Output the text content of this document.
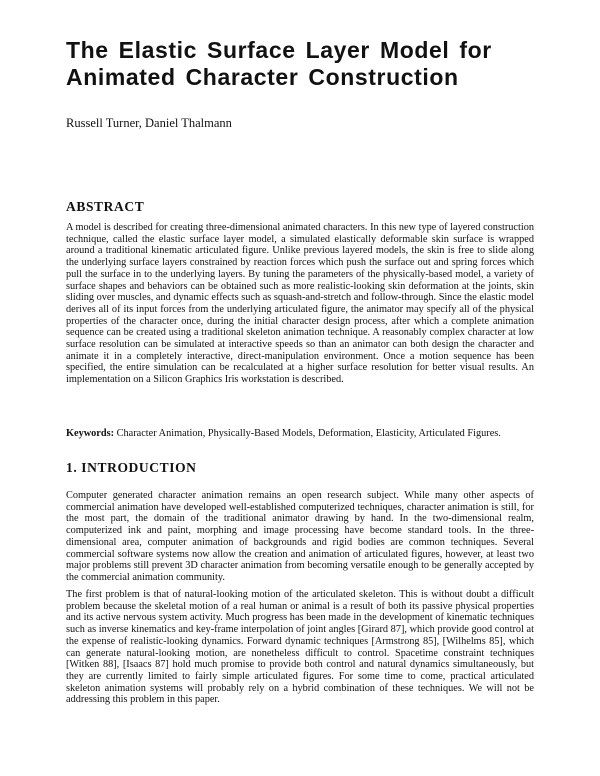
The Elastic Surface Layer Model for Animated Character Construction
Russell Turner, Daniel Thalmann
ABSTRACT

A model is described for creating three-dimensional animated characters. In this new type of layered construction technique, called the elastic surface layer model, a simulated elastically deformable skin surface is wrapped around a traditional kinematic articulated figure. Unlike previous layered models, the skin is free to slide along the underlying surface layers constrained by reaction forces which push the surface out and spring forces which pull the surface in to the underlying layers. By tuning the parameters of the physically-based model, a variety of surface shapes and behaviors can be obtained such as more realistic-looking skin deformation at the joints, skin sliding over muscles, and dynamic effects such as squash-and-stretch and follow-through. Since the elastic model derives all of its input forces from the underlying articulated figure, the animator may specify all of the physical properties of the character once, during the initial character design process, after which a complete animation sequence can be created using a traditional skeleton animation technique. A reasonably complex character at low surface resolution can be simulated at interactive speeds so than an animator can both design the character and animate it in a completely interactive, direct-manipulation environment. Once a motion sequence has been specified, the entire simulation can be recalculated at a higher surface resolution for better visual results. An implementation on a Silicon Graphics Iris workstation is described.

Keywords: Character Animation, Physically-Based Models, Deformation, Elasticity, Articulated Figures.

1. INTRODUCTION

Computer generated character animation remains an open research subject. While many other aspects of commercial animation have developed well-established computerized techniques, character animation is still, for the most part, the domain of the traditional animator drawing by hand. In the two-dimensional realm, computerized ink and paint, morphing and image processing have become standard tools. In the three-dimensional area, computer animation of backgrounds and rigid bodies are common techniques. Several commercial software systems now allow the creation and animation of articulated figures, however, at least two major problems still prevent 3D character animation from becoming versatile enough to be generally accepted by the commercial animation community.

The first problem is that of natural-looking motion of the articulated skeleton. This is without doubt a difficult problem because the skeletal motion of a real human or animal is a result of both its passive physical properties and its active nervous system activity. Much progress has been made in the development of kinematic techniques such as inverse kinematics and key-frame interpolation of joint angles [Girard 87], which provide good control at the expense of realistic-looking dynamics. Forward dynamic techniques [Armstrong 85], [Wilhelms 85], which can generate natural-looking motion, are nonetheless difficult to control. Spacetime constraint techniques [Witken 88], [Isaacs 87] hold much promise to provide both control and natural dynamics simultaneously, but they are currently limited to fairly simple articulated figures. For some time to come, practical articulated skeleton animation systems will probably rely on a hybrid combination of these techniques. We will not be addressing this problem in this paper.
